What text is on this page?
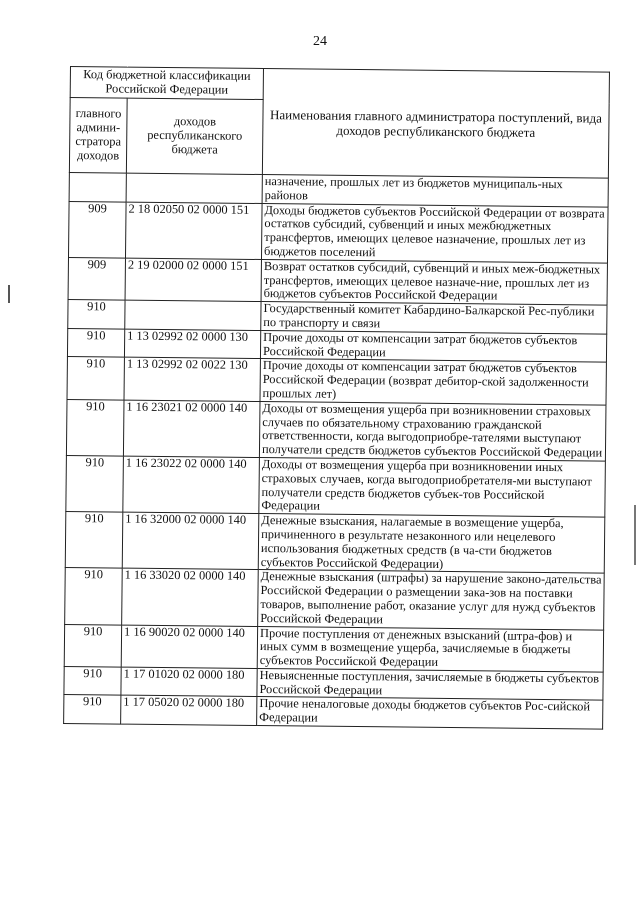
24
Код бюджетной классификации Российской Федерации		Наименования главного администратора поступлений, вида доходов республиканского бюджета
главного админи-стратора доходов	доходов республиканского бюджета	
		назначение, прошлых лет из бюджетов муниципаль-ных районов
909	2 18 02050 02 0000 151	Доходы бюджетов субъектов Российской Федерации от возврата остатков субсидий, субвенций и иных межбюджетных трансфертов, имеющих целевое назначение, прошлых лет из бюджетов поселений
909	2 19 02000 02 0000 151	Возврат остатков субсидий, субвенций и иных меж-бюджетных трансфертов, имеющих целевое назначе-ние, прошлых лет из бюджетов субъектов Российской Федерации
910		Государственный комитет Кабардино-Балкарской Рес-публики по транспорту и связи
910	1 13 02992 02 0000 130	Прочие доходы от компенсации затрат бюджетов субъектов Российской Федерации
910	1 13 02992 02 0022 130	Прочие доходы от компенсации затрат бюджетов субъектов Российской Федерации (возврат дебитор-ской задолженности прошлых лет)
910	1 16 23021 02 0000 140	Доходы от возмещения ущерба при возникновении страховых случаев по обязательному страхованию гражданской ответственности, когда выгодоприобре-тателями выступают получатели средств бюджетов субъектов Российской Федерации
910	1 16 23022 02 0000 140	Доходы от возмещения ущерба при возникновении иных страховых случаев, когда выгодоприобретателя-ми выступают получатели средств бюджетов субъек-тов Российской Федерации
910	1 16 32000 02 0000 140	Денежные взыскания, налагаемые в возмещение ущерба, причиненного в результате незаконного или нецелевого использования бюджетных средств (в ча-сти бюджетов субъектов Российской Федерации)
910	1 16 33020 02 0000 140	Денежные взыскания (штрафы) за нарушение законо-дательства Российской Федерации о размещении зака-зов на поставки товаров, выполнение работ, оказание услуг для нужд субъектов Российской Федерации
910	1 16 90020 02 0000 140	Прочие поступления от денежных взысканий (штра-фов) и иных сумм в возмещение ущерба, зачисляемые в бюджеты субъектов Российской Федерации
910	1 17 01020 02 0000 180	Невыясненные поступления, зачисляемые в бюджеты субъектов Российской Федерации
910	1 17 05020 02 0000 180	Прочие неналоговые доходы бюджетов субъектов Рос-сийской Федерации
